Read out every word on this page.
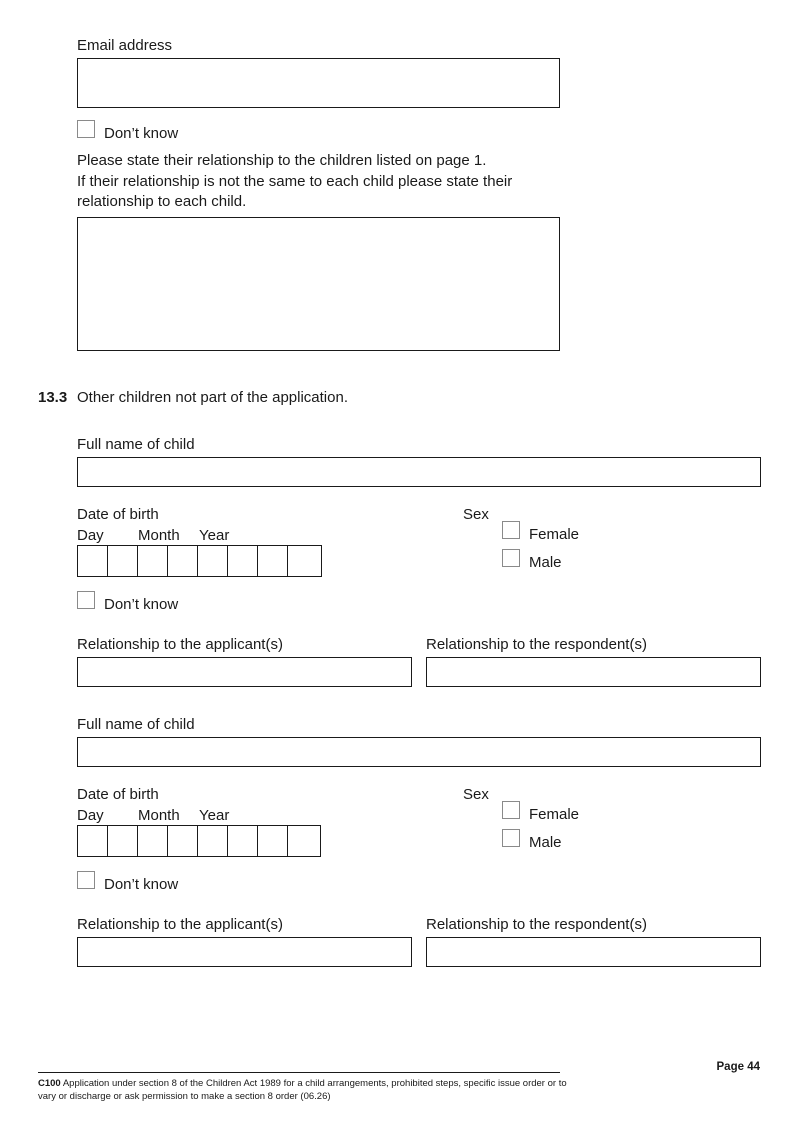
Email address
Don’t know
Please state their relationship to the children listed on page 1.
If their relationship is not the same to each child please state their
relationship to each child.
13.3 Other children not part of the application.
Full name of child
Date of birth
Day Month Year
Sex
Female
Male
Don’t know
Relationship to the applicant(s)	Relationship to the respondent(s)
Full name of child
Date of birth
Day Month Year
Sex
Female
Male
Don’t know
Relationship to the applicant(s)	Relationship to the respondent(s)
Page 44
C100 Application under section 8 of the Children Act 1989 for a child arrangements, prohibited steps, specific issue order or to vary or discharge or ask permission to make a section 8 order (06.26)
